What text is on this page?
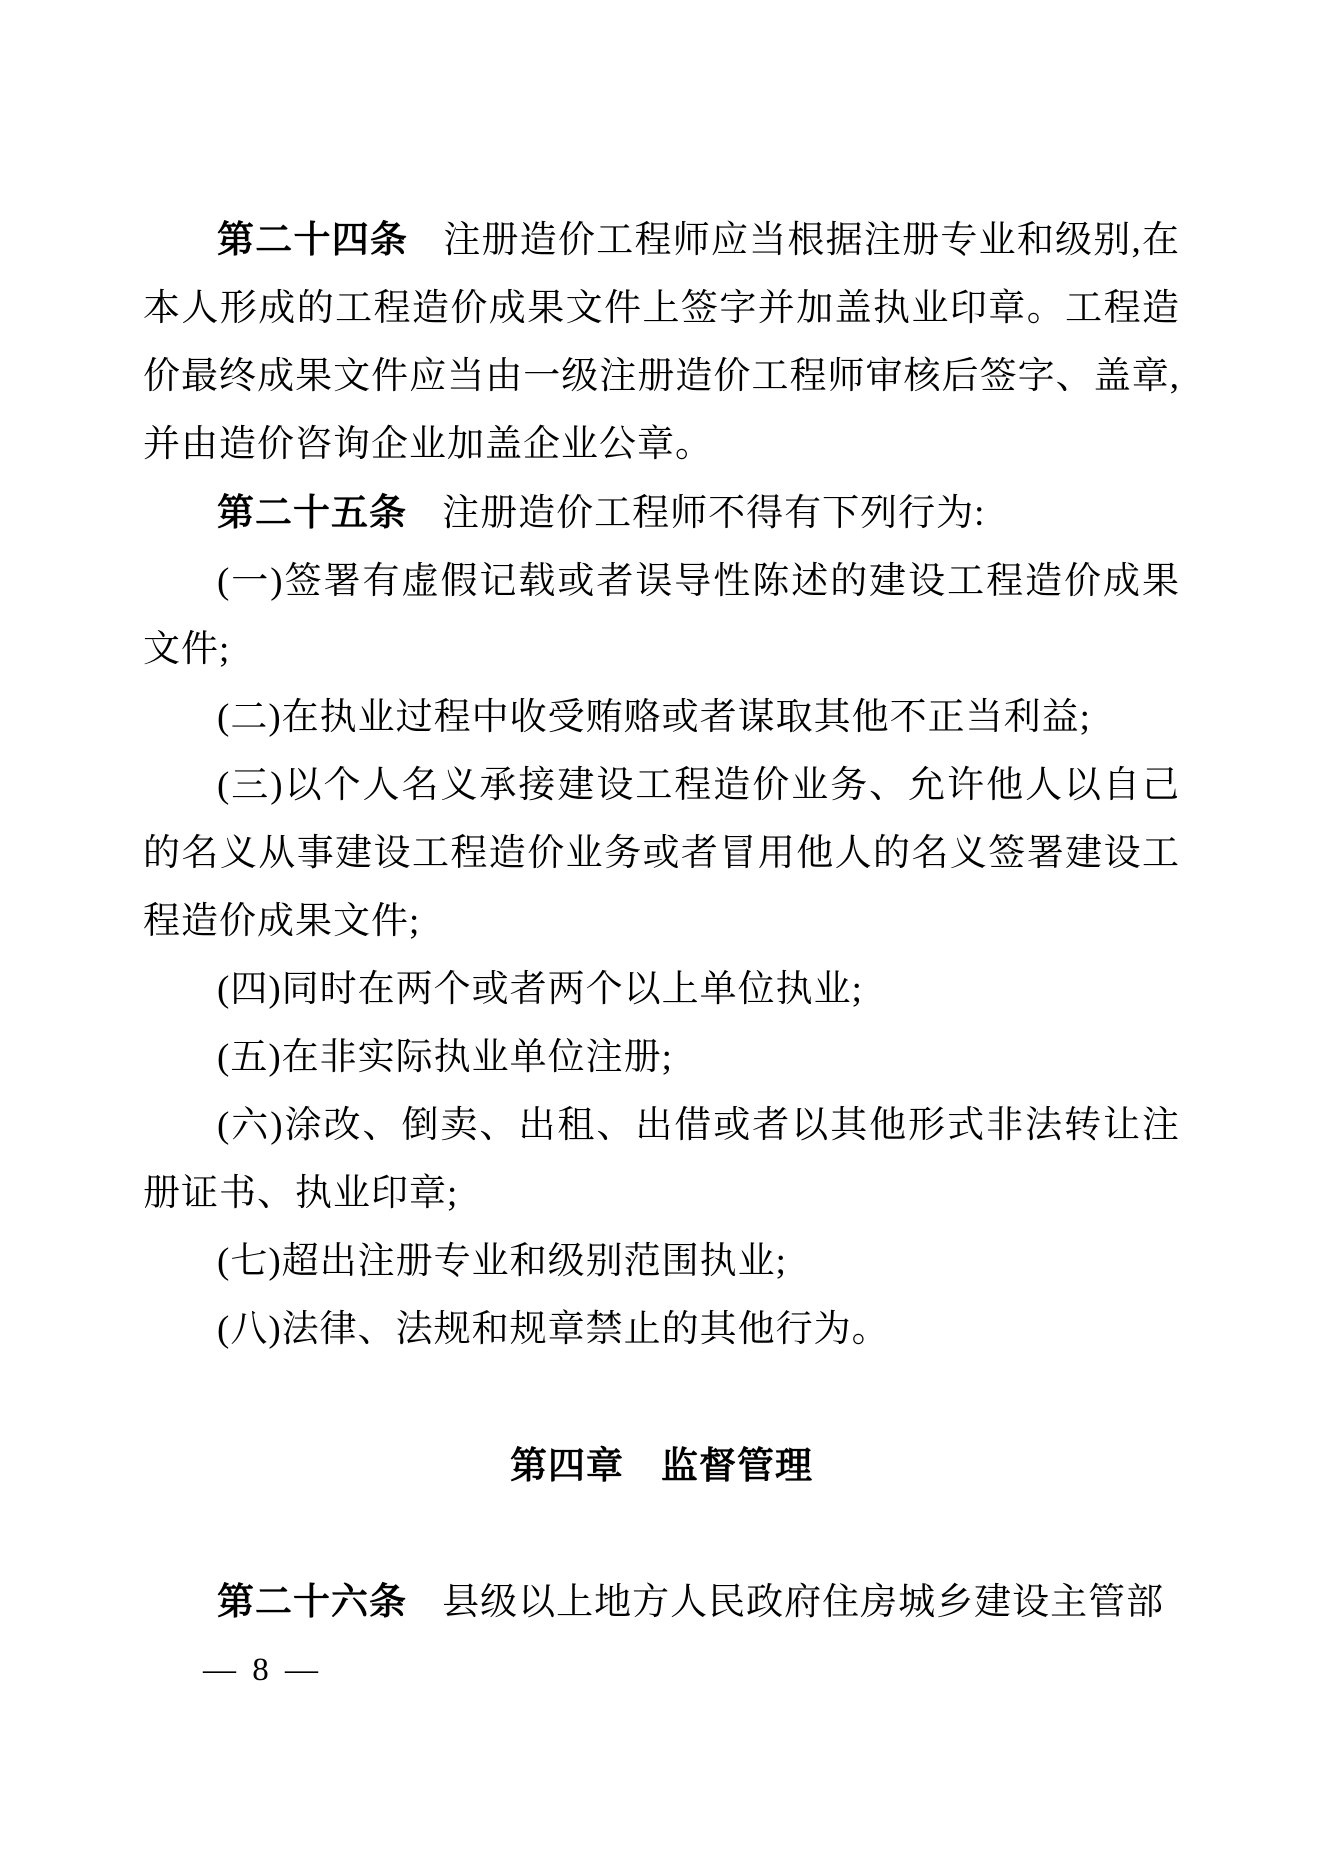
第二十四条 注册造价工程师应当根据注册专业和级别,在本人形成的工程造价成果文件上签字并加盖执业印章。工程造价最终成果文件应当由一级注册造价工程师审核后签字、盖章,并由造价咨询企业加盖企业公章。

第二十五条 注册造价工程师不得有下列行为:

(一)签署有虚假记载或者误导性陈述的建设工程造价成果文件;

(二)在执业过程中收受贿赂或者谋取其他不正当利益;

(三)以个人名义承接建设工程造价业务、允许他人以自己的名义从事建设工程造价业务或者冒用他人的名义签署建设工程造价成果文件;

(四)同时在两个或者两个以上单位执业;

(五)在非实际执业单位注册;

(六)涂改、倒卖、出租、出借或者以其他形式非法转让注册证书、执业印章;

(七)超出注册专业和级别范围执业;

(八)法律、法规和规章禁止的其他行为。

第四章 监督管理

第二十六条 县级以上地方人民政府住房城乡建设主管部

— 8 —
